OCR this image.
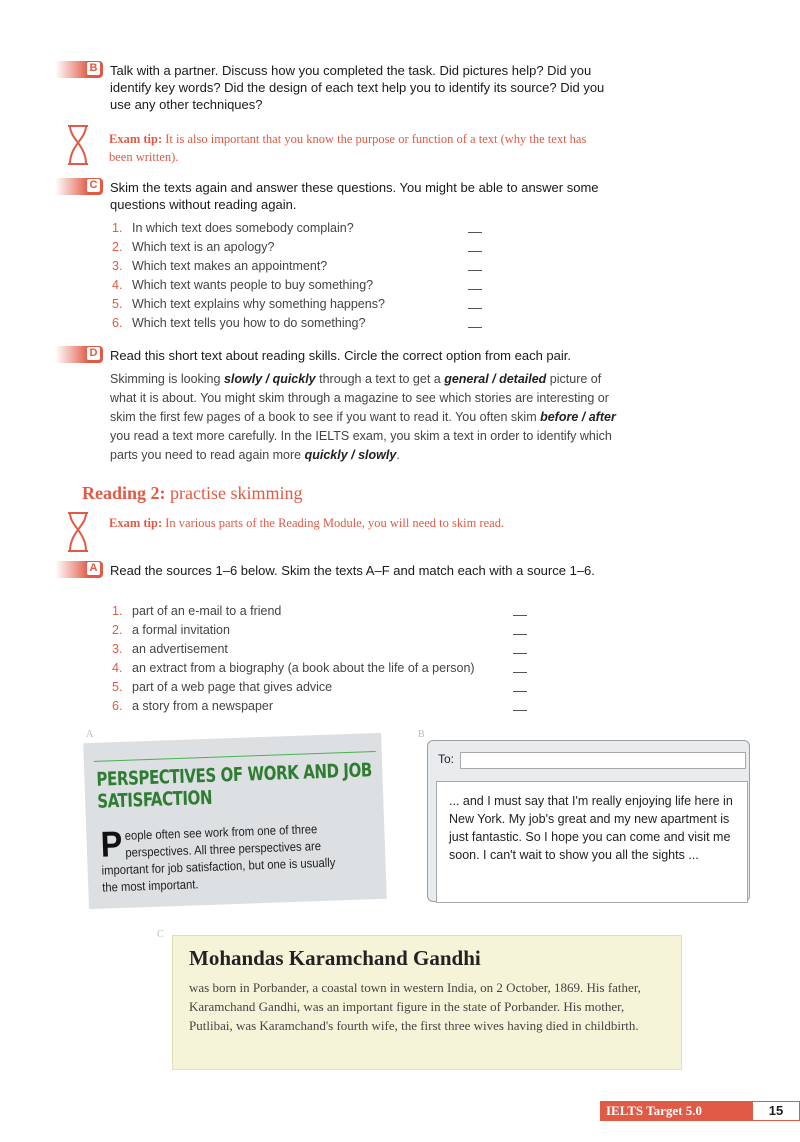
B Talk with a partner. Discuss how you completed the task. Did pictures help? Did you identify key words? Did the design of each text help you to identify its source? Did you use any other techniques?
Exam tip: It is also important that you know the purpose or function of a text (why the text has been written).
C Skim the texts again and answer these questions. You might be able to answer some questions without reading again.
1. In which text does somebody complain?
2. Which text is an apology?
3. Which text makes an appointment?
4. Which text wants people to buy something?
5. Which text explains why something happens?
6. Which text tells you how to do something?
D Read this short text about reading skills. Circle the correct option from each pair.
Skimming is looking slowly / quickly through a text to get a general / detailed picture of what it is about. You might skim through a magazine to see which stories are interesting or skim the first few pages of a book to see if you want to read it. You often skim before / after you read a text more carefully. In the IELTS exam, you skim a text in order to identify which parts you need to read again more quickly / slowly.
Reading 2: practise skimming
Exam tip: In various parts of the Reading Module, you will need to skim read.
A Read the sources 1–6 below. Skim the texts A–F and match each with a source 1–6.
1. part of an e-mail to a friend
2. a formal invitation
3. an advertisement
4. an extract from a biography (a book about the life of a person)
5. part of a web page that gives advice
6. a story from a newspaper
A
PERSPECTIVES OF WORK AND JOB SATISFACTION
People often see work from one of three perspectives. All three perspectives are important for job satisfaction, but one is usually the most important.
B
To:
... and I must say that I'm really enjoying life here in New York. My job's great and my new apartment is just fantastic. So I hope you can come and visit me soon. I can't wait to show you all the sights ...
C
Mohandas Karamchand Gandhi
was born in Porbander, a coastal town in western India, on 2 October, 1869. His father, Karamchand Gandhi, was an important figure in the state of Porbander. His mother, Putlibai, was Karamchand's fourth wife, the first three wives having died in childbirth.
IELTS Target 5.0	15
